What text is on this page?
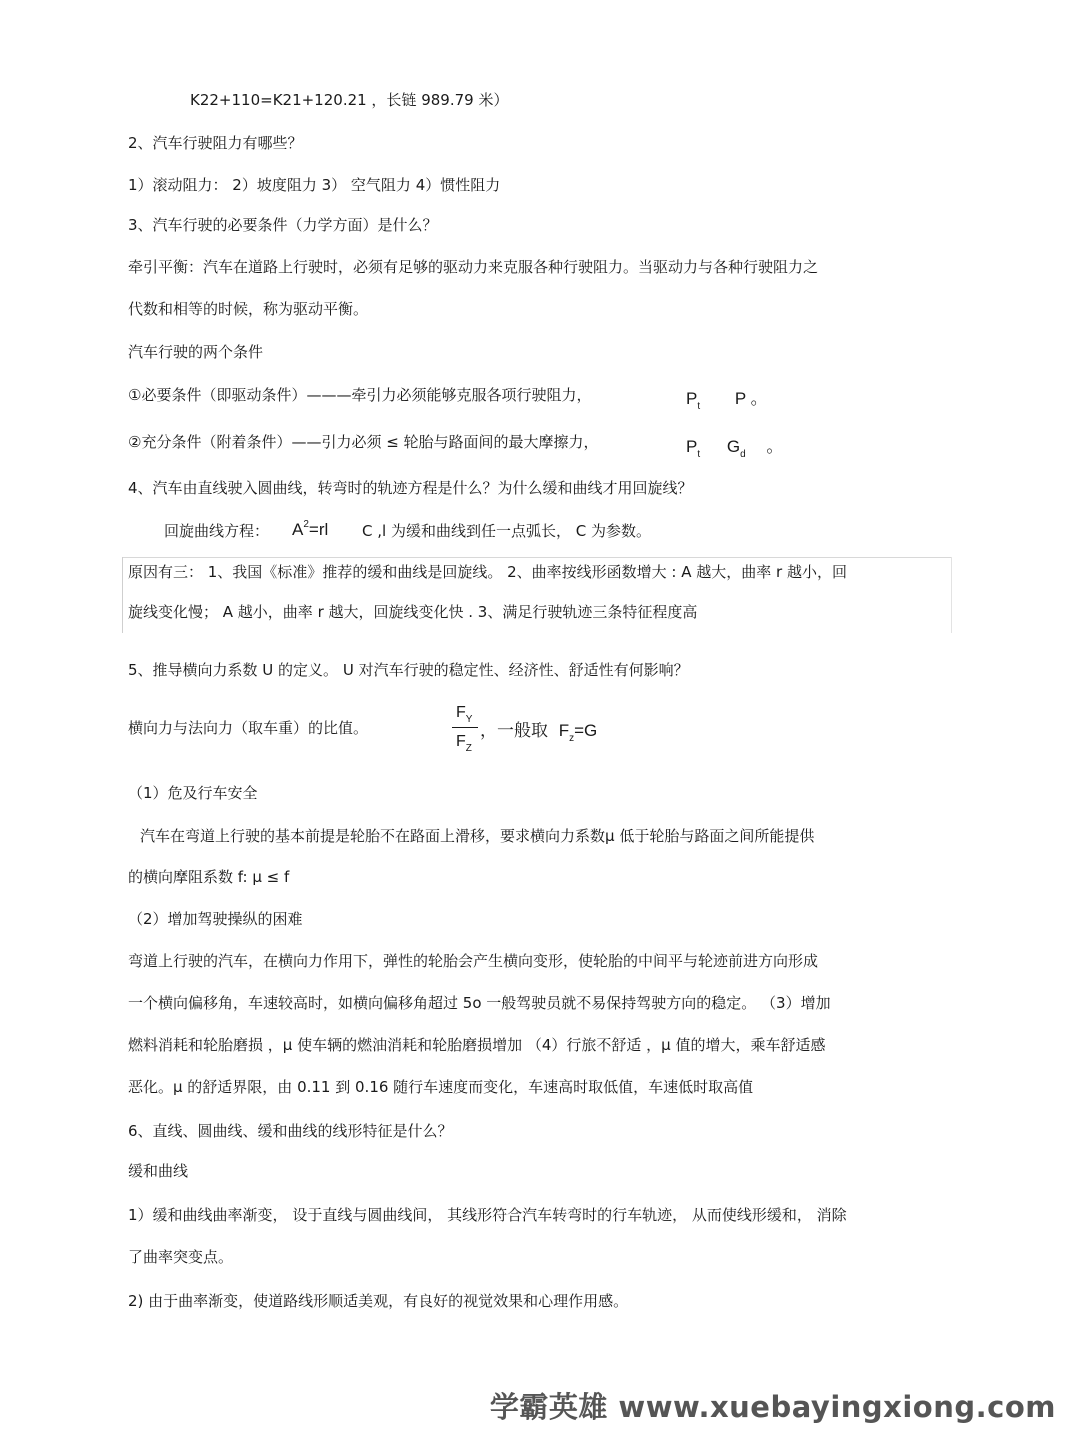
K22+110=K21+120.21 ，长链 989.79 米）
2、汽车行驶阻力有哪些？
1）滚动阻力： 2）坡度阻力 3） 空气阻力 4）惯性阻力
3、汽车行驶的必要条件（力学方面）是什么？
牵引平衡：汽车在道路上行驶时，必须有足够的驱动力来克服各种行驶阻力。当驱动力与各种行驶阻力之
代数和相等的时候，称为驱动平衡。
汽车行驶的两个条件
①必要条件（即驱动条件）———牵引力必须能够克服各项行驶阻力，	$P_t$ P 。
②充分条件（附着条件）——引力必须 ≤ 轮胎与路面间的最大摩擦力，	$P_t$ $G_d$ 。
4、汽车由直线驶入圆曲线，转弯时的轨迹方程是什么？为什么缓和曲线才用回旋线？
回旋曲线方程： $A^2=rl$ C ,l 为缓和曲线到任一点弧长， C 为参数。
原因有三： 1、我国《标准》推荐的缓和曲线是回旋线。 2、曲率按线形函数增大 : A 越大，曲率 r 越小，回
旋线变化慢； A 越小，曲率 r 越大，回旋线变化快 . 3、满足行驶轨迹三条特征程度高
5、推导横向力系数 U 的定义。 U 对汽车行驶的稳定性、经济性、舒适性有何影响？
横向力与法向力（取车重）的比值。
$F_Y$
$F_Z$
，一般取 $F_z=G$
（1）危及行车安全
汽车在弯道上行驶的基本前提是轮胎不在路面上滑移，要求横向力系数μ 低于轮胎与路面之间所能提供
的横向摩阻系数 f: μ ≤ f
（2）增加驾驶操纵的困难
弯道上行驶的汽车，在横向力作用下，弹性的轮胎会产生横向变形，使轮胎的中间平与轮迹前进方向形成
一个横向偏移角，车速较高时，如横向偏移角超过 5o 一般驾驶员就不易保持驾驶方向的稳定。 （3）增加
燃料消耗和轮胎磨损 ，μ 使车辆的燃油消耗和轮胎磨损增加 （4）行旅不舒适 ，μ 值的增大，乘车舒适感
恶化。μ 的舒适界限，由 0.11 到 0.16 随行车速度而变化，车速高时取低值，车速低时取高值
6、直线、圆曲线、缓和曲线的线形特征是什么？
缓和曲线
1）缓和曲线曲率渐变， 设于直线与圆曲线间， 其线形符合汽车转弯时的行车轨迹， 从而使线形缓和， 消除
了曲率突变点。
2) 由于曲率渐变，使道路线形顺适美观，有良好的视觉效果和心理作用感。
学霸英雄 www.xuebayingxiong.com
